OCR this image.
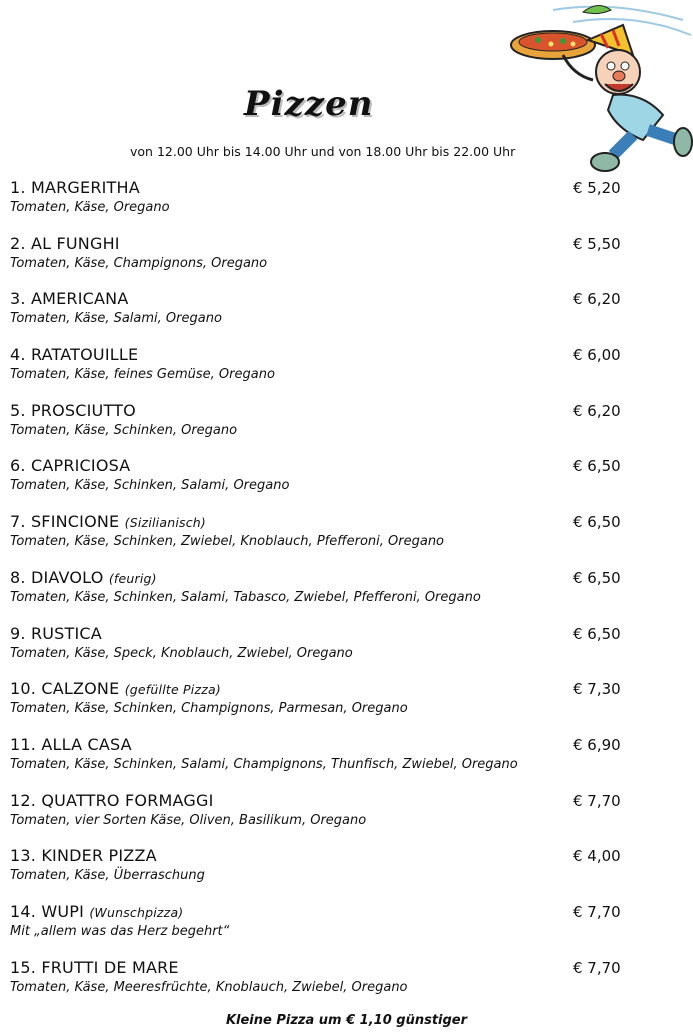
Pizzen
von 12.00 Uhr bis 14.00 Uhr und von 18.00 Uhr bis 22.00 Uhr
1. MARGERITHA
Tomaten, Käse, Oregano
€ 5,20
2. AL FUNGHI
Tomaten, Käse, Champignons, Oregano
€ 5,50
3. AMERICANA
Tomaten, Käse, Salami, Oregano
€ 6,20
4. RATATOUILLE
Tomaten, Käse, feines Gemüse, Oregano
€ 6,00
5. PROSCIUTTO
Tomaten, Käse, Schinken, Oregano
€ 6,20
6. CAPRICIOSA
Tomaten, Käse, Schinken, Salami, Oregano
€ 6,50
7. SFINCIONE (Sizilianisch)
Tomaten, Käse, Schinken, Zwiebel, Knoblauch, Pfefferoni, Oregano
€ 6,50
8. DIAVOLO (feurig)
Tomaten, Käse, Schinken, Salami, Tabasco, Zwiebel, Pfefferoni, Oregano
€ 6,50
9. RUSTICA
Tomaten, Käse, Speck, Knoblauch, Zwiebel, Oregano
€ 6,50
10. CALZONE (gefüllte Pizza)
Tomaten, Käse, Schinken, Champignons, Parmesan, Oregano
€ 7,30
11. ALLA CASA
Tomaten, Käse, Schinken, Salami, Champignons, Thunfisch, Zwiebel, Oregano
€ 6,90
12. QUATTRO FORMAGGI
Tomaten, vier Sorten Käse, Oliven, Basilikum, Oregano
€ 7,70
13. KINDER PIZZA
Tomaten, Käse, Überraschung
€ 4,00
14. WUPI (Wunschpizza)
Mit „allem was das Herz begehrt“
€ 7,70
15. FRUTTI DE MARE
Tomaten, Käse, Meeresfrüchte, Knoblauch, Zwiebel, Oregano
€ 7,70
Kleine Pizza um € 1,10 günstiger
